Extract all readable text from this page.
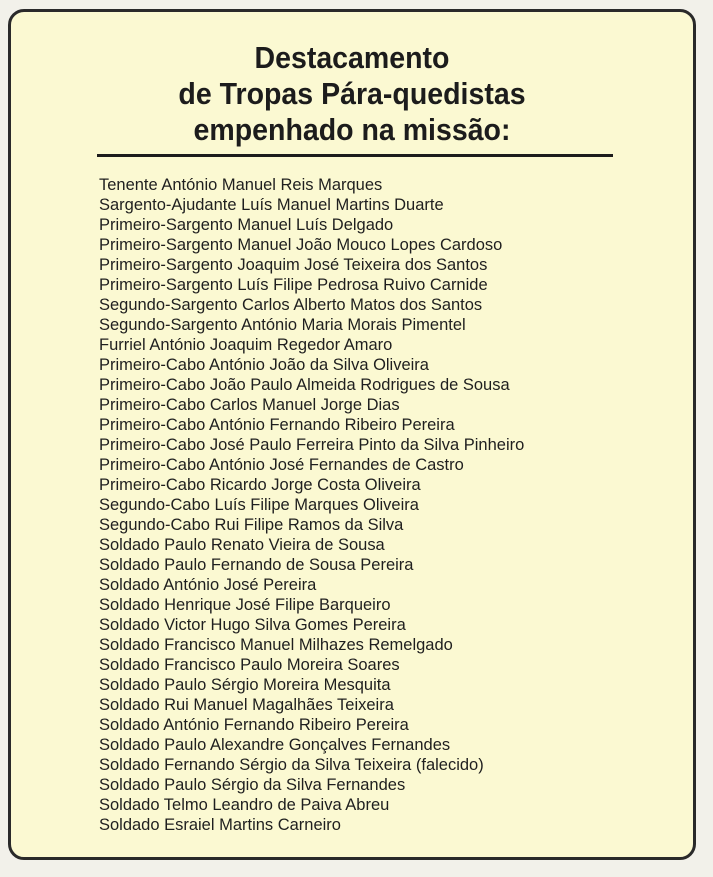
Destacamento
de Tropas Pára-quedistas
empenhado na missão:
Tenente António Manuel Reis Marques
Sargento-Ajudante Luís Manuel Martins Duarte
Primeiro-Sargento Manuel Luís Delgado
Primeiro-Sargento Manuel João Mouco Lopes Cardoso
Primeiro-Sargento Joaquim José Teixeira dos Santos
Primeiro-Sargento Luís Filipe Pedrosa Ruivo Carnide
Segundo-Sargento Carlos Alberto Matos dos Santos
Segundo-Sargento António Maria Morais Pimentel
Furriel António Joaquim Regedor Amaro
Primeiro-Cabo António João da Silva Oliveira
Primeiro-Cabo João Paulo Almeida Rodrigues de Sousa
Primeiro-Cabo Carlos Manuel Jorge Dias
Primeiro-Cabo António Fernando Ribeiro Pereira
Primeiro-Cabo José Paulo Ferreira Pinto da Silva Pinheiro
Primeiro-Cabo António José Fernandes de Castro
Primeiro-Cabo Ricardo Jorge Costa Oliveira
Segundo-Cabo Luís Filipe Marques Oliveira
Segundo-Cabo Rui Filipe Ramos da Silva
Soldado Paulo Renato Vieira de Sousa
Soldado Paulo Fernando de Sousa Pereira
Soldado António José Pereira
Soldado Henrique José Filipe Barqueiro
Soldado Victor Hugo Silva Gomes Pereira
Soldado Francisco Manuel Milhazes Remelgado
Soldado Francisco Paulo Moreira Soares
Soldado Paulo Sérgio Moreira Mesquita
Soldado Rui Manuel Magalhães Teixeira
Soldado António Fernando Ribeiro Pereira
Soldado Paulo Alexandre Gonçalves Fernandes
Soldado Fernando Sérgio da Silva Teixeira (falecido)
Soldado Paulo Sérgio da Silva Fernandes
Soldado Telmo Leandro de Paiva Abreu
Soldado Esraiel Martins Carneiro
